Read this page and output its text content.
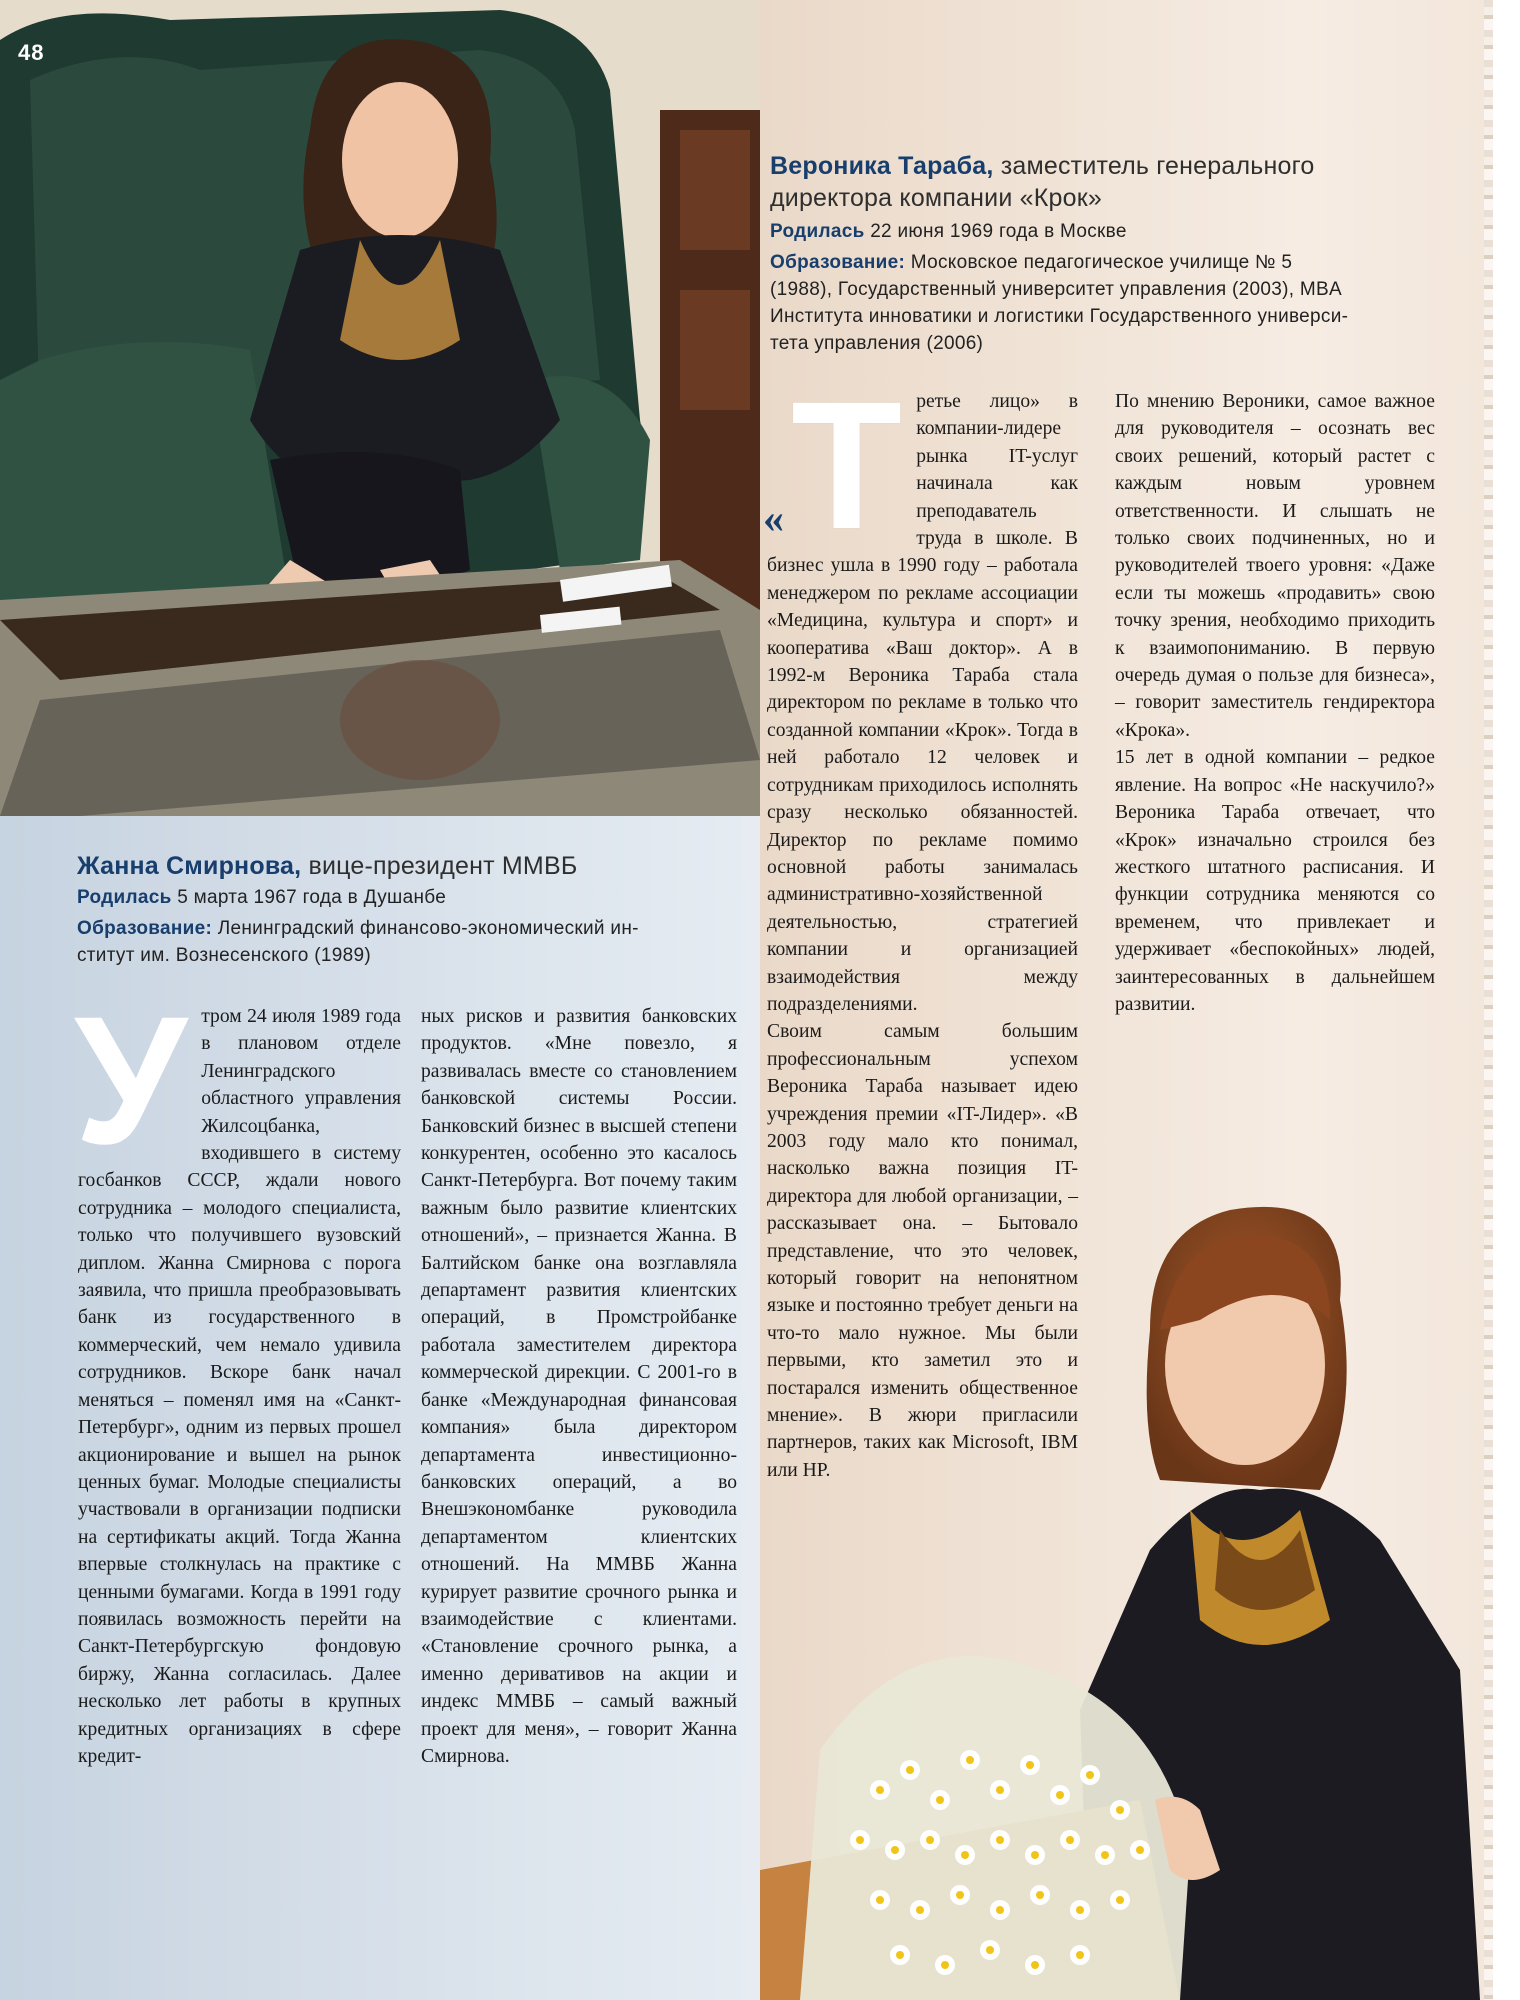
48
Жанна Смирнова, вице-президент ММВБ
Родилась 5 марта 1967 года в Душанбе
Образование: Ленинградский финансово-экономический ин-
ститут им. Вознесенского (1989)
У тром 24 июля 1989 года в плановом отделе Ленинградского областного управления Жилсоцбанка, входившего в систему госбанков СССР, ждали нового сотрудника – молодого специалиста, только что получившего вузовский диплом. Жанна Смирнова с порога заявила, что пришла преобразовывать банк из государственного в коммерческий, чем немало удивила сотрудников. Вскоре банк начал меняться – поменял имя на «Санкт-Петербург», одним из первых прошел акционирование и вышел на рынок ценных бумаг. Молодые специалисты участвовали в организации подписки на сертификаты акций. Тогда Жанна впервые столкнулась на практике с ценными бумагами. Когда в 1991 году появилась возможность перейти на Санкт-Петербургскую фондовую биржу, Жанна согласилась. Далее несколько лет работы в крупных кредитных организациях в сфере кредит-

ных рисков и развития банковских продуктов. «Мне повезло, я развивалась вместе со становлением банковской системы России. Банковский бизнес в высшей степени конкурентен, особенно это касалось Санкт-Петербурга. Вот почему таким важным было развитие клиентских отношений», – признается Жанна. В Балтийском банке она возглавляла департамент развития клиентских операций, в Промстройбанке работала заместителем директора коммерческой дирекции. С 2001-го в банке «Международная финансовая компания» была директором департамента инвестиционно-банковских операций, а во Внешэкономбанке руководила департаментом клиентских отношений. На ММВБ Жанна курирует развитие срочного рынка и взаимодействие с клиентами. «Становление срочного рынка, а именно деривативов на акции и индекс ММВБ – самый важный проект для меня», – говорит Жанна Смирнова.

Вероника Тараба, заместитель генерального
директора компании «Крок»
Родилась 22 июня 1969 года в Москве
Образование: Московское педагогическое училище № 5
(1988), Государственный университет управления (2003), MBA
Института инноватики и логистики Государственного универси-
тета управления (2006)
« Т ретье лицо» в компании-лидере рынка IT-услуг начинала как преподаватель труда в школе. В бизнес ушла в 1990 году – работала менеджером по рекламе ассоциации «Медицина, культура и спорт» и кооператива «Ваш доктор». А в 1992-м Вероника Тараба стала директором по рекламе в только что созданной компании «Крок». Тогда в ней работало 12 человек и сотрудникам приходилось исполнять сразу несколько обязанностей. Директор по рекламе помимо основной работы занималась административно-хозяйственной деятельностью, стратегией компании и организацией взаимодействия между подразделениями.

Своим самым большим профессиональным успехом Вероника Тараба называет идею учреждения премии «IT-Лидер». «В 2003 году мало кто понимал, насколько важна позиция IT-директора для любой организации, – рассказывает она. – Бытовало представление, что это человек, который говорит на непонятном языке и постоянно требует деньги на что-то мало нужное. Мы были первыми, кто заметил это и постарался изменить общественное мнение». В жюри пригласили партнеров, таких как Microsoft, IBM или HP.

По мнению Вероники, самое важное для руководителя – осознать вес своих решений, который растет с каждым новым уровнем ответственности. И слышать не только своих подчиненных, но и руководителей твоего уровня: «Даже если ты можешь «продавить» свою точку зрения, необходимо приходить к взаимопониманию. В первую очередь думая о пользе для бизнеса», – говорит заместитель гендиректора «Крока».

15 лет в одной компании – редкое явление. На вопрос «Не наскучило?» Вероника Тараба отвечает, что «Крок» изначально строился без жесткого штатного расписания. И функции сотрудника меняются со временем, что привлекает и удерживает «беспокойных» людей, заинтересованных в дальнейшем развитии.
